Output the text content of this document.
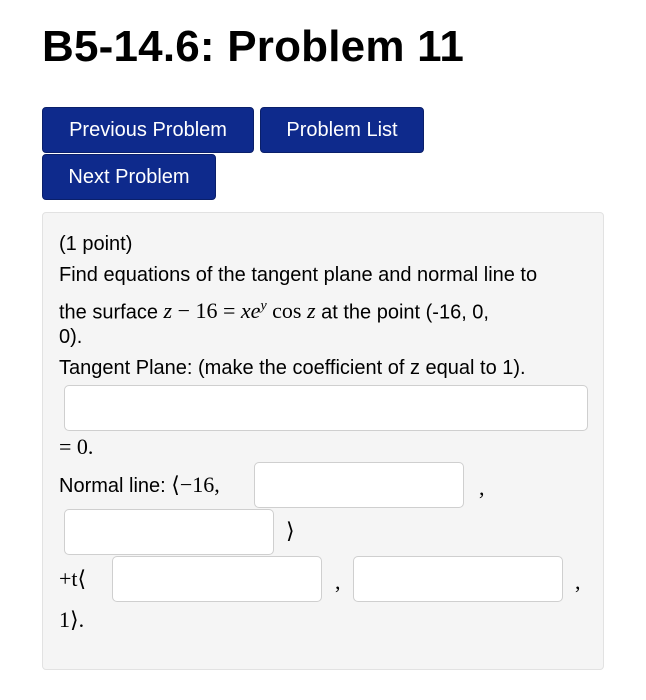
B5-14.6: Problem 11
Previous Problem	Problem List
Next Problem
(1 point)
Find equations of the tangent plane and normal line to
the surface $z - 16 = xe^y$ cos z at the point (-16, 0,
0).
Tangent Plane: (make the coefficient of z equal to 1).
= 0.
Normal line: ⟨−16,	,
⟩
+t⟨	,	,
1⟩.
